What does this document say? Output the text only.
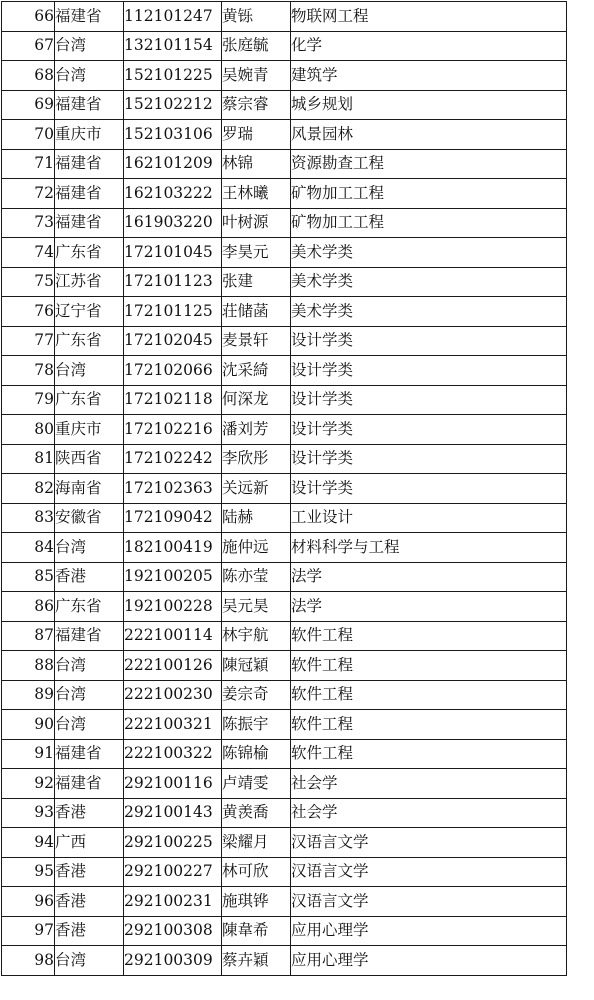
66	福建省	112101247	黄铄	物联网工程
67	台湾	132101154	张庭毓	化学
68	台湾	152101225	吴婉青	建筑学
69	福建省	152102212	蔡宗睿	城乡规划
70	重庆市	152103106	罗瑞	风景园林
71	福建省	162101209	林锦	资源勘查工程
72	福建省	162103222	王林曦	矿物加工工程
73	福建省	161903220	叶树源	矿物加工工程
74	广东省	172101045	李昊元	美术学类
75	江苏省	172101123	张建	美术学类
76	辽宁省	172101125	荘储菡	美术学类
77	广东省	172102045	麦景轩	设计学类
78	台湾	172102066	沈采綺	设计学类
79	广东省	172102118	何深龙	设计学类
80	重庆市	172102216	潘刘芳	设计学类
81	陕西省	172102242	李欣彤	设计学类
82	海南省	172102363	关远新	设计学类
83	安徽省	172109042	陆赫	工业设计
84	台湾	182100419	施仲远	材料科学与工程
85	香港	192100205	陈亦莹	法学
86	广东省	192100228	吴元昊	法学
87	福建省	222100114	林宇航	软件工程
88	台湾	222100126	陳冠穎	软件工程
89	台湾	222100230	姜宗奇	软件工程
90	台湾	222100321	陈振宇	软件工程
91	福建省	222100322	陈锦榆	软件工程
92	福建省	292100116	卢靖雯	社会学
93	香港	292100143	黄羡喬	社会学
94	广西	292100225	梁耀月	汉语言文学
95	香港	292100227	林可欣	汉语言文学
96	香港	292100231	施琪铧	汉语言文学
97	香港	292100308	陳韋希	应用心理学
98	台湾	292100309	蔡卉穎	应用心理学
